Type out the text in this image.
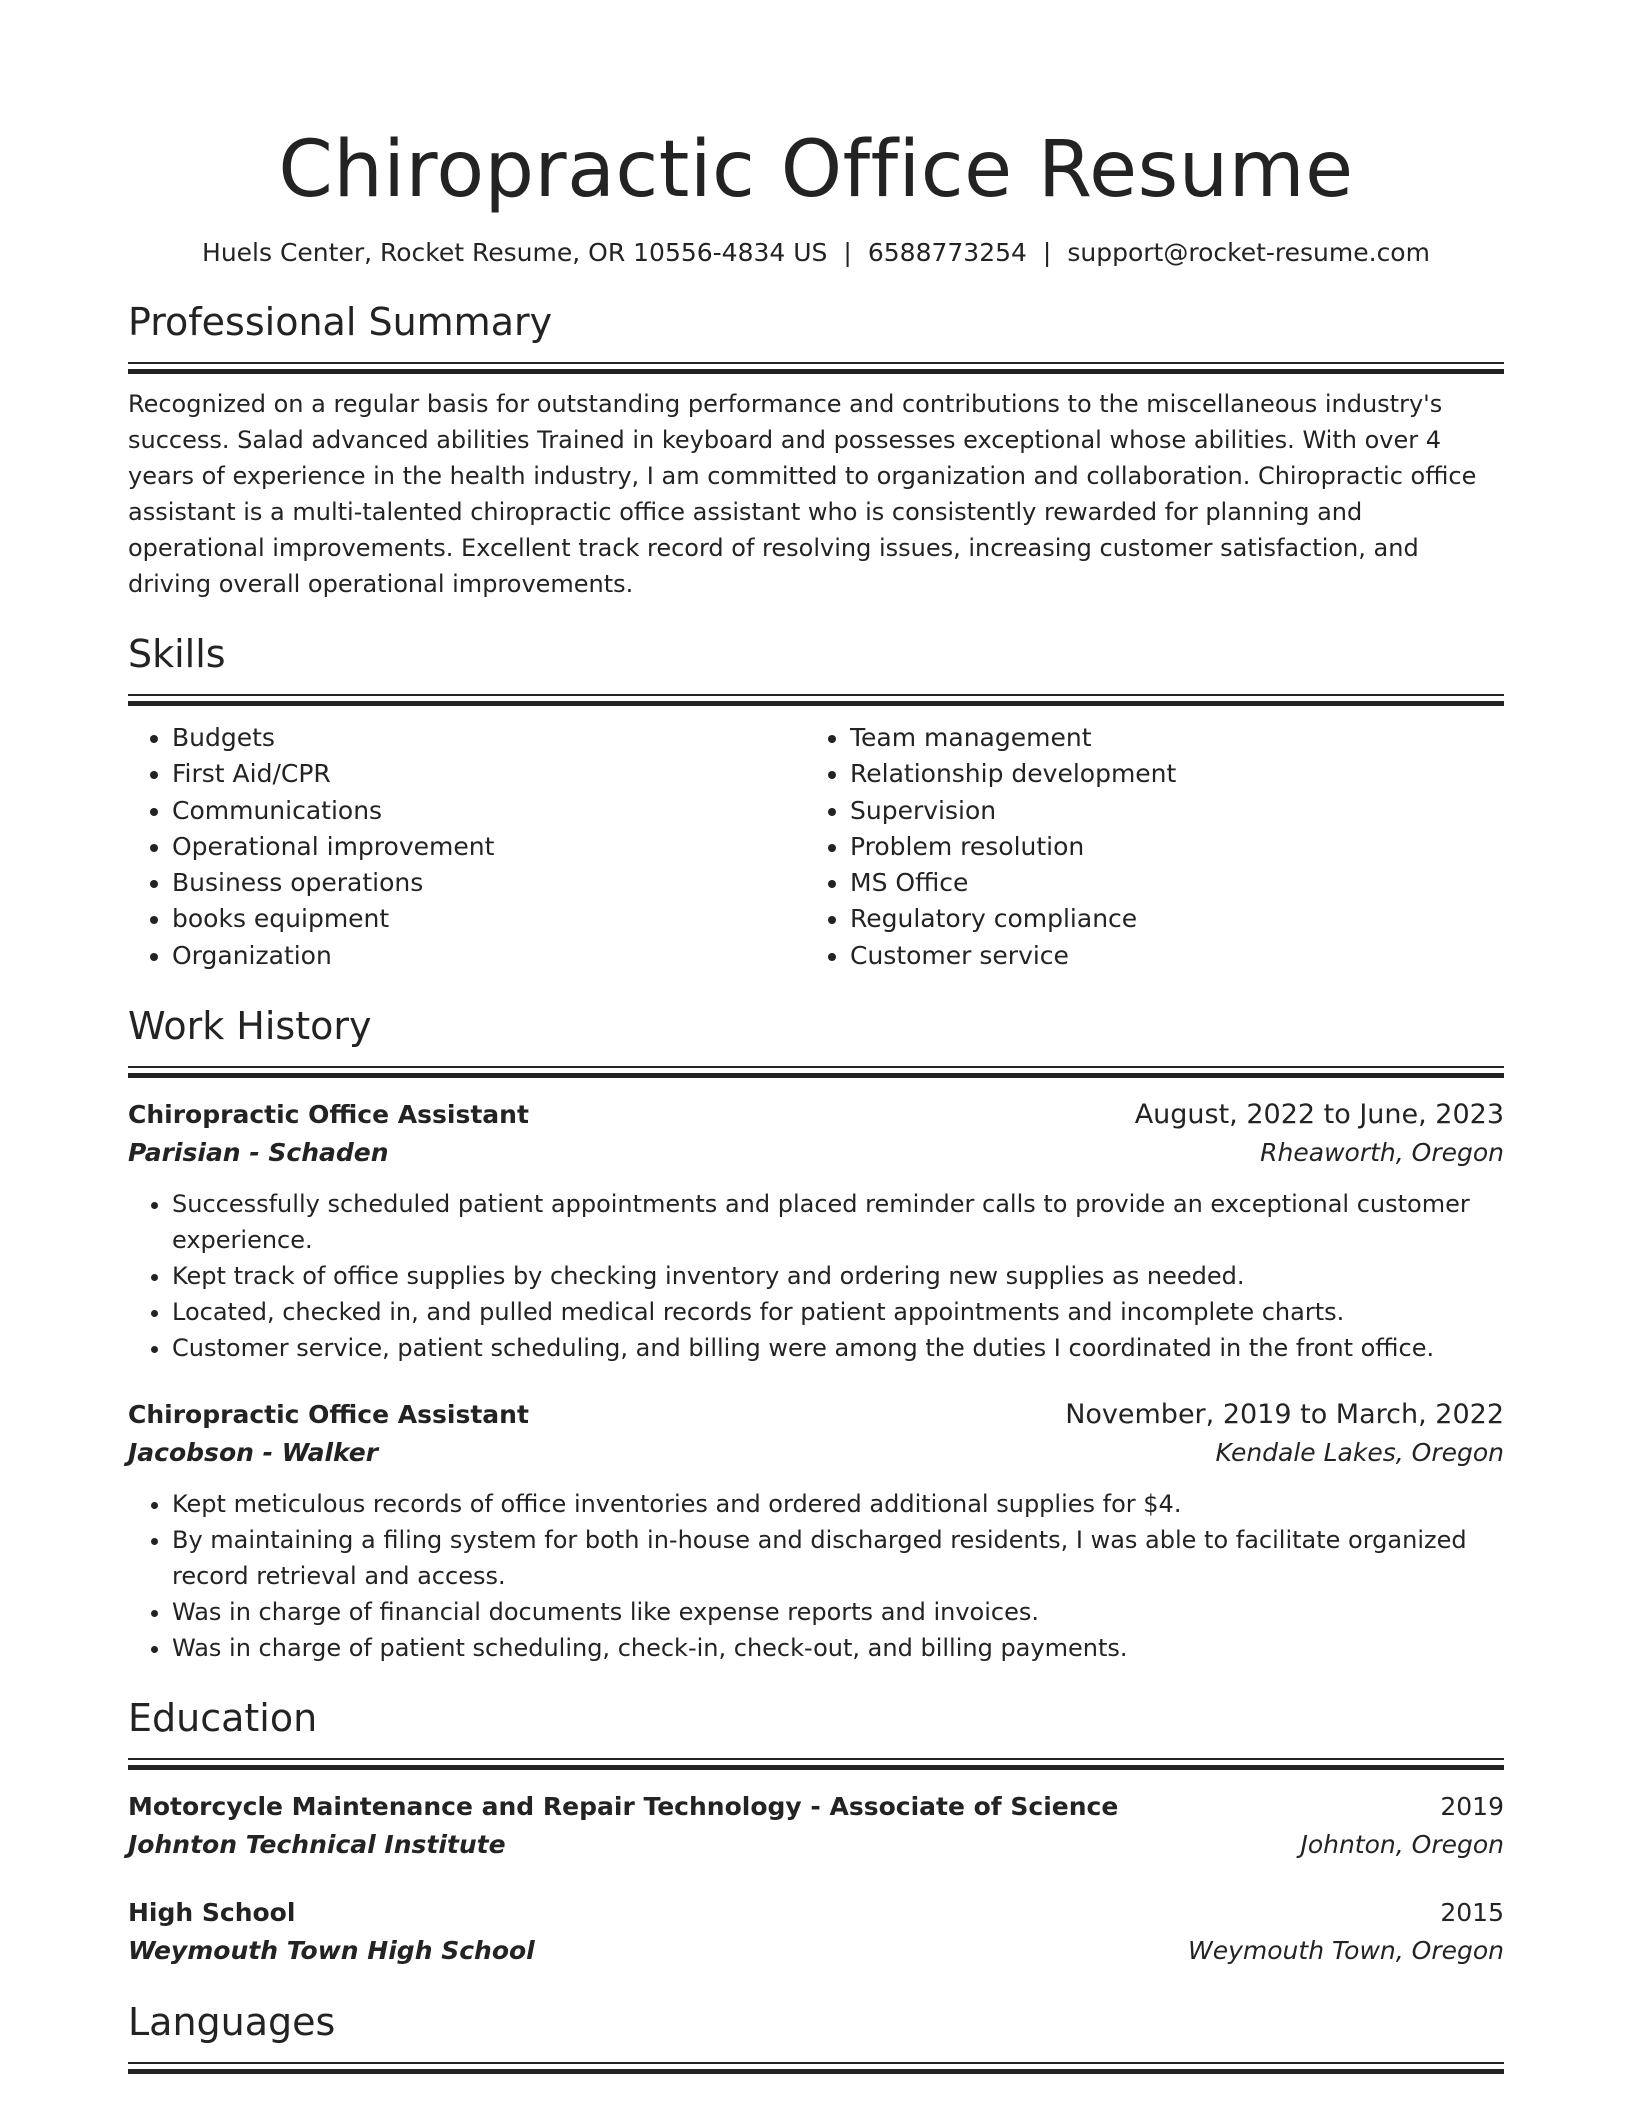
Chiropractic Office Resume
Huels Center, Rocket Resume, OR 10556-4834 US | 6588773254 | support@rocket-resume.com
Professional Summary

Recognized on a regular basis for outstanding performance and contributions to the miscellaneous industry's success. Salad advanced abilities Trained in keyboard and possesses exceptional whose abilities. With over 4 years of experience in the health industry, I am committed to organization and collaboration. Chiropractic office assistant is a multi-talented chiropractic office assistant who is consistently rewarded for planning and operational improvements. Excellent track record of resolving issues, increasing customer satisfaction, and driving overall operational improvements.

Skills
• Budgets
• First Aid/CPR
• Communications
• Operational improvement
• Business operations
• books equipment
• Organization
• Team management
• Relationship development
• Supervision
• Problem resolution
• MS Office
• Regulatory compliance
• Customer service
Work History
Chiropractic Office Assistant	August, 2022 to June, 2023
Parisian - Schaden	Rheaworth, Oregon
• Successfully scheduled patient appointments and placed reminder calls to provide an exceptional customer experience.
• Kept track of office supplies by checking inventory and ordering new supplies as needed.
• Located, checked in, and pulled medical records for patient appointments and incomplete charts.
• Customer service, patient scheduling, and billing were among the duties I coordinated in the front office.
Chiropractic Office Assistant	November, 2019 to March, 2022
Jacobson - Walker	Kendale Lakes, Oregon
• Kept meticulous records of office inventories and ordered additional supplies for $4.
• By maintaining a filing system for both in-house and discharged residents, I was able to facilitate organized record retrieval and access.
• Was in charge of financial documents like expense reports and invoices.
• Was in charge of patient scheduling, check-in, check-out, and billing payments.
Education
Motorcycle Maintenance and Repair Technology - Associate of Science	2019
Johnton Technical Institute	Johnton, Oregon
High School	2015
Weymouth Town High School	Weymouth Town, Oregon
Languages
